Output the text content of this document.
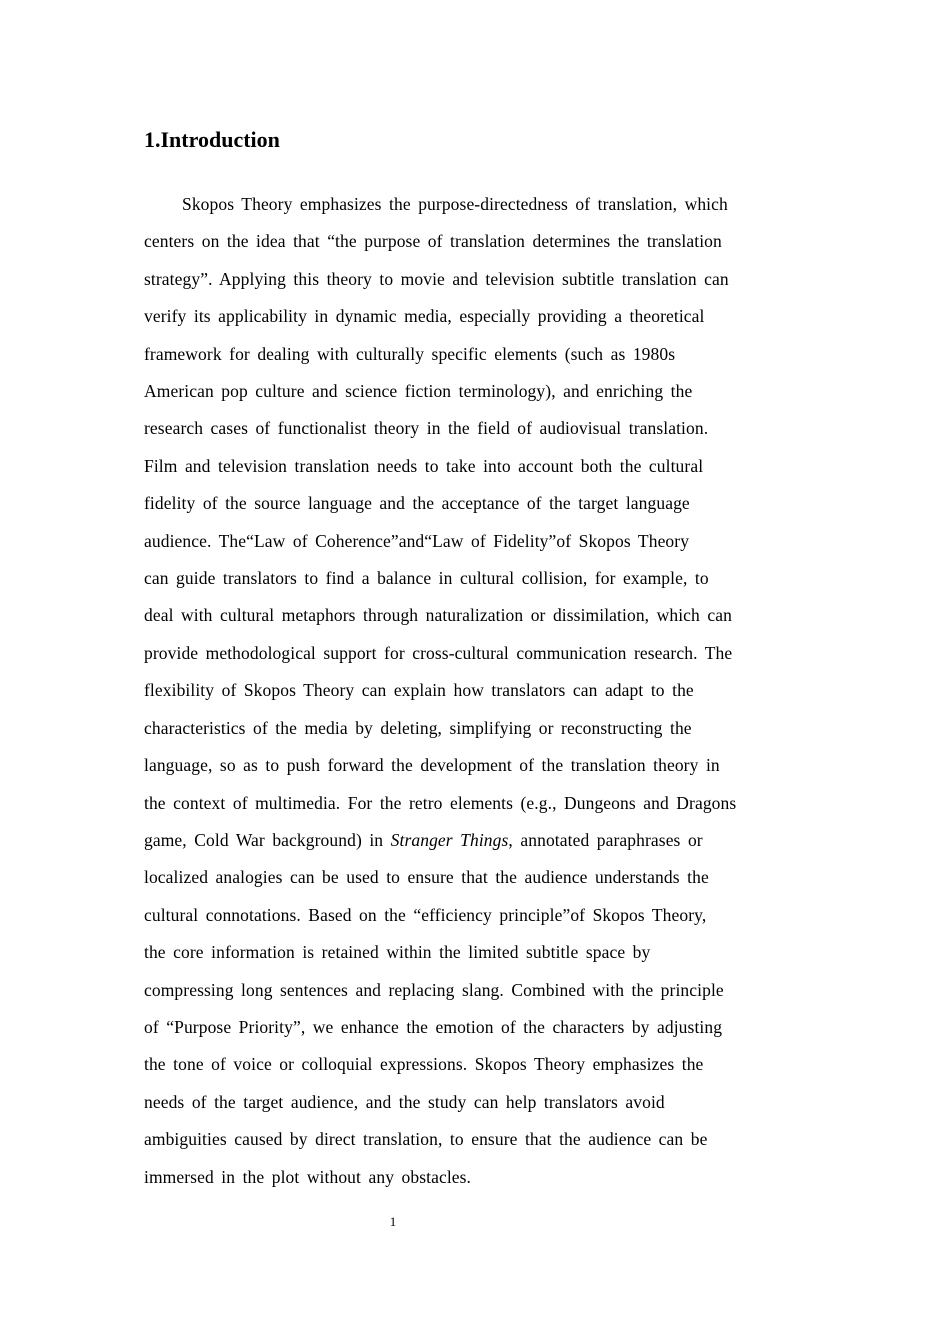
1.Introduction

Skopos Theory emphasizes the purpose-directedness of translation, which
centers on the idea that “the purpose of translation determines the translation
strategy”. Applying this theory to movie and television subtitle translation can
verify its applicability in dynamic media, especially providing a theoretical
framework for dealing with culturally specific elements (such as 1980s
American pop culture and science fiction terminology), and enriching the
research cases of functionalist theory in the field of audiovisual translation.
Film and television translation needs to take into account both the cultural
fidelity of the source language and the acceptance of the target language
audience. The“Law of Coherence”and“Law of Fidelity”of Skopos Theory
can guide translators to find a balance in cultural collision, for example, to
deal with cultural metaphors through naturalization or dissimilation, which can
provide methodological support for cross-cultural communication research. The
flexibility of Skopos Theory can explain how translators can adapt to the
characteristics of the media by deleting, simplifying or reconstructing the
language, so as to push forward the development of the translation theory in
the context of multimedia. For the retro elements (e.g., Dungeons and Dragons
game, Cold War background) in Stranger Things, annotated paraphrases or
localized analogies can be used to ensure that the audience understands the
cultural connotations. Based on the “efficiency principle”of Skopos Theory,
the core information is retained within the limited subtitle space by
compressing long sentences and replacing slang. Combined with the principle
of “Purpose Priority”, we enhance the emotion of the characters by adjusting
the tone of voice or colloquial expressions. Skopos Theory emphasizes the
needs of the target audience, and the study can help translators avoid
ambiguities caused by direct translation, to ensure that the audience can be
immersed in the plot without any obstacles.

1
